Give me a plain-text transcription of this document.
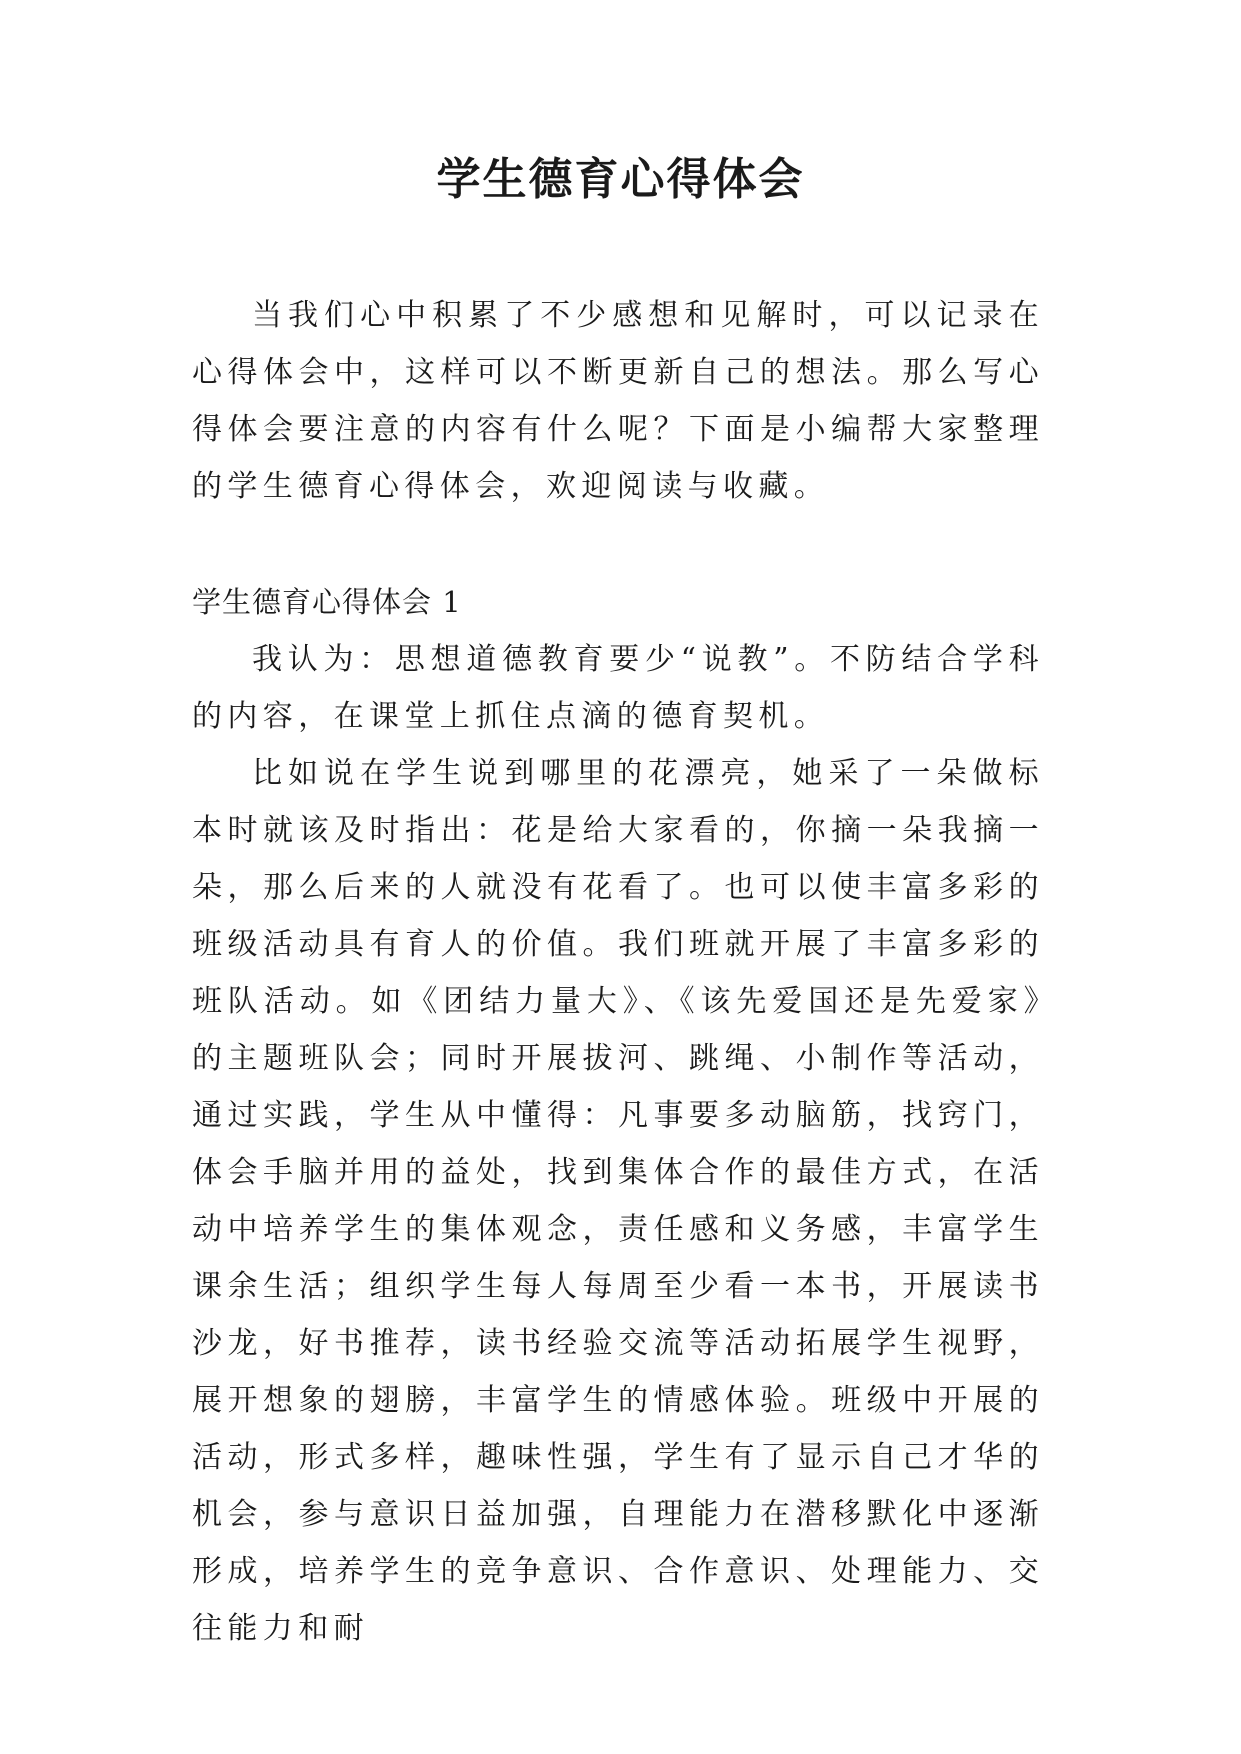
学生德育心得体会

当我们心中积累了不少感想和见解时，可以记录在心得体会中，这样可以不断更新自己的想法。那么写心得体会要注意的内容有什么呢？下面是小编帮大家整理的学生德育心得体会，欢迎阅读与收藏。

学生德育心得体会 1

我认为：思想道德教育要少“说教”。不防结合学科的内容，在课堂上抓住点滴的德育契机。

比如说在学生说到哪里的花漂亮，她采了一朵做标本时就该及时指出：花是给大家看的，你摘一朵我摘一朵，那么后来的人就没有花看了。也可以使丰富多彩的班级活动具有育人的价值。我们班就开展了丰富多彩的班队活动。如《团结力量大》、《该先爱国还是先爱家》的主题班队会；同时开展拔河、跳绳、小制作等活动，通过实践，学生从中懂得：凡事要多动脑筋，找窍门，体会手脑并用的益处，找到集体合作的最佳方式，在活动中培养学生的集体观念，责任感和义务感，丰富学生课余生活；组织学生每人每周至少看一本书，开展读书沙龙，好书推荐，读书经验交流等活动拓展学生视野，展开想象的翅膀，丰富学生的情感体验。班级中开展的活动，形式多样，趣味性强，学生有了显示自己才华的机会，参与意识日益加强，自理能力在潜移默化中逐渐形成，培养学生的竞争意识、合作意识、处理能力、交往能力和耐
